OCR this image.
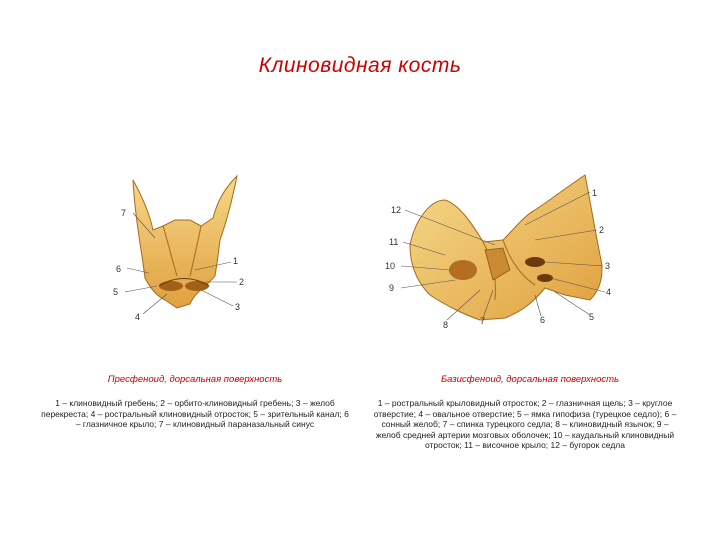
Клиновидная кость
7
6
5
4
1
2
3
1
2
3
4
5
6
7
8
9
10
11
12
Пресфеноид, дорсальная поверхность	Базисфеноид, дорсальная поверхность
1 – клиновидный гребень; 2 – орбито-клиновидный гребень; 3 – желоб перекреста; 4 – ростральный клиновидный отросток; 5 – зрительный канал; 6 – глазничное крыло; 7 – клиновидный параназальный синус
1 – ростральный крыловидный отросток; 2 – глазничная щель; 3 – круглое отверстие; 4 – овальное отверстие; 5 – ямка гипофиза (турецкое седло); 6 – сонный желоб; 7 – спинка турецкого седла; 8 – клиновидный язычок; 9 – желоб средней артерии мозговых оболочек; 10 – каудальный клиновидный отросток; 11 – височное крыло; 12 – бугорок седла
